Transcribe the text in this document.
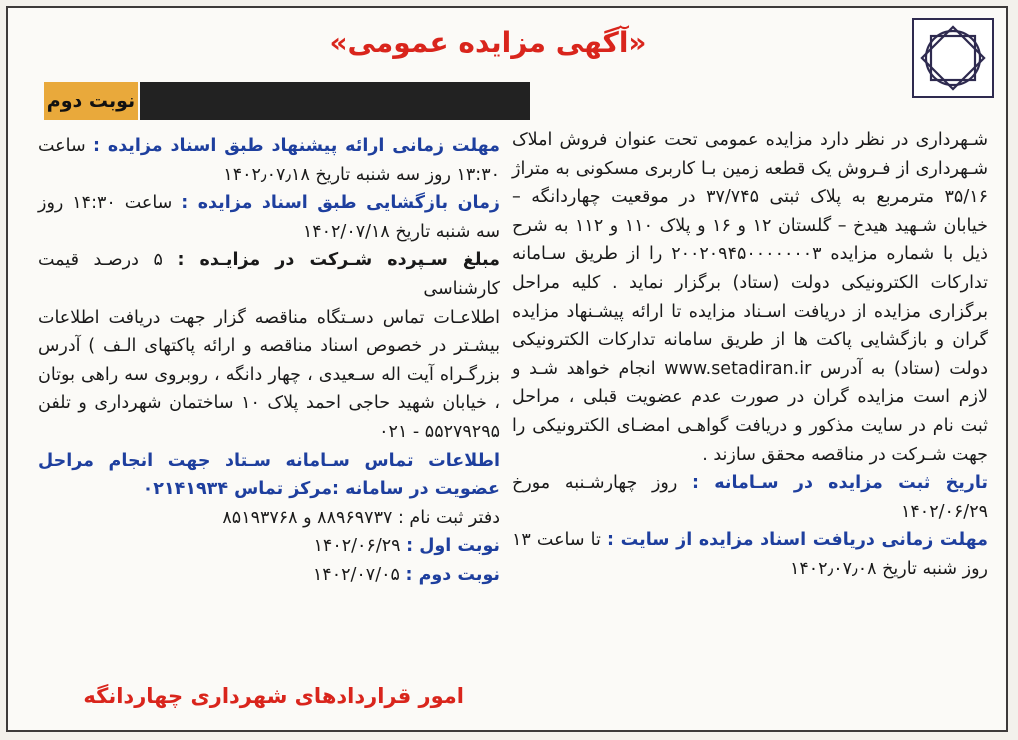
«آگهی مزایده عمومی»
نوبت دوم

شـهرداری در نظر دارد مزایده عمومی تحت عنوان فروش املاک شـهرداری از فـروش یک قطعه زمین بـا کاربری مسکونی به متراژ ۳۵/۱۶ مترمربع به پلاک ثبتی ۳۷/۷۴۵ در موقعیت چهاردانگه – خیابان شـهید هیدخ – گلستان ۱۲ و ۱۶ و پلاک ۱۱۰ و ۱۱۲ به شرح ذیل با شماره مزایده ۲۰۰۲۰۹۴۵۰۰۰۰۰۰۰۳ را از طریق سـامانه تدارکات الکترونیکی دولت (ستاد) برگزار نماید . کلیه مراحل برگزاری مزایده از دریافت اسـناد مزایده تا ارائه پیشـنهاد مزایده گران و بازگشایی پاکت ها از طریق سامانه تدارکات الکترونیکی دولت (ستاد) به آدرس www.setadiran.ir انجام خواهد شـد و لازم است مزایده گران در صورت عدم عضویت قبلی ، مراحل ثبت نام در سایت مذکور و دریافت گواهـی امضـای الکترونیکی را جهت شـرکت در مناقصه محقق سازند .

تاریخ ثبت مزایده در سـامانه : روز چهارشـنبه مورخ ۱۴۰۲/۰۶/۲۹

مهلت زمانی دریافت اسناد مزایده از سایت : تا ساعت ۱۳ روز شنبه تاریخ ۱۴۰۲٫۰۷٫۰۸

مهلت زمانی ارائه پیشنهاد طبق اسناد مزایده : ساعت ۱۳:۳۰ روز سه شنبه تاریخ ۱۴۰۲٫۰۷٫۱۸

زمان بازگشایی طبق اسناد مزایده : ساعت ۱۴:۳۰ روز سه شنبه تاریخ ۱۴۰۲/۰۷/۱۸

مبلغ سـپرده شـرکت در مزایـده : ۵ درصـد قیمت کارشناسی

اطلاعـات تماس دسـتگاه مناقصه گزار جهت دریافت اطلاعات بیشـتر در خصوص اسناد مناقصه و ارائه پاکتهای الـف ) آدرس بزرگـراه آیت اله سـعیدی ، چهار دانگه ، روبروی سه راهی بوتان ، خیابان شهید حاجی احمد پلاک ۱۰ ساختمان شهرداری و تلفن ۵۵۲۷۹۲۹۵ - ۰۲۱

اطلاعات تماس سـامانه سـتاد جهت انجام مراحل عضویت در سامانه :مرکز تماس ۰۲۱۴۱۹۳۴

دفتر ثبت نام : ۸۸۹۶۹۷۳۷ و ۸۵۱۹۳۷۶۸

نوبت اول : ۱۴۰۲/۰۶/۲۹

نوبت دوم : ۱۴۰۲/۰۷/۰۵

امور قراردادهای شهرداری چهاردانگه
